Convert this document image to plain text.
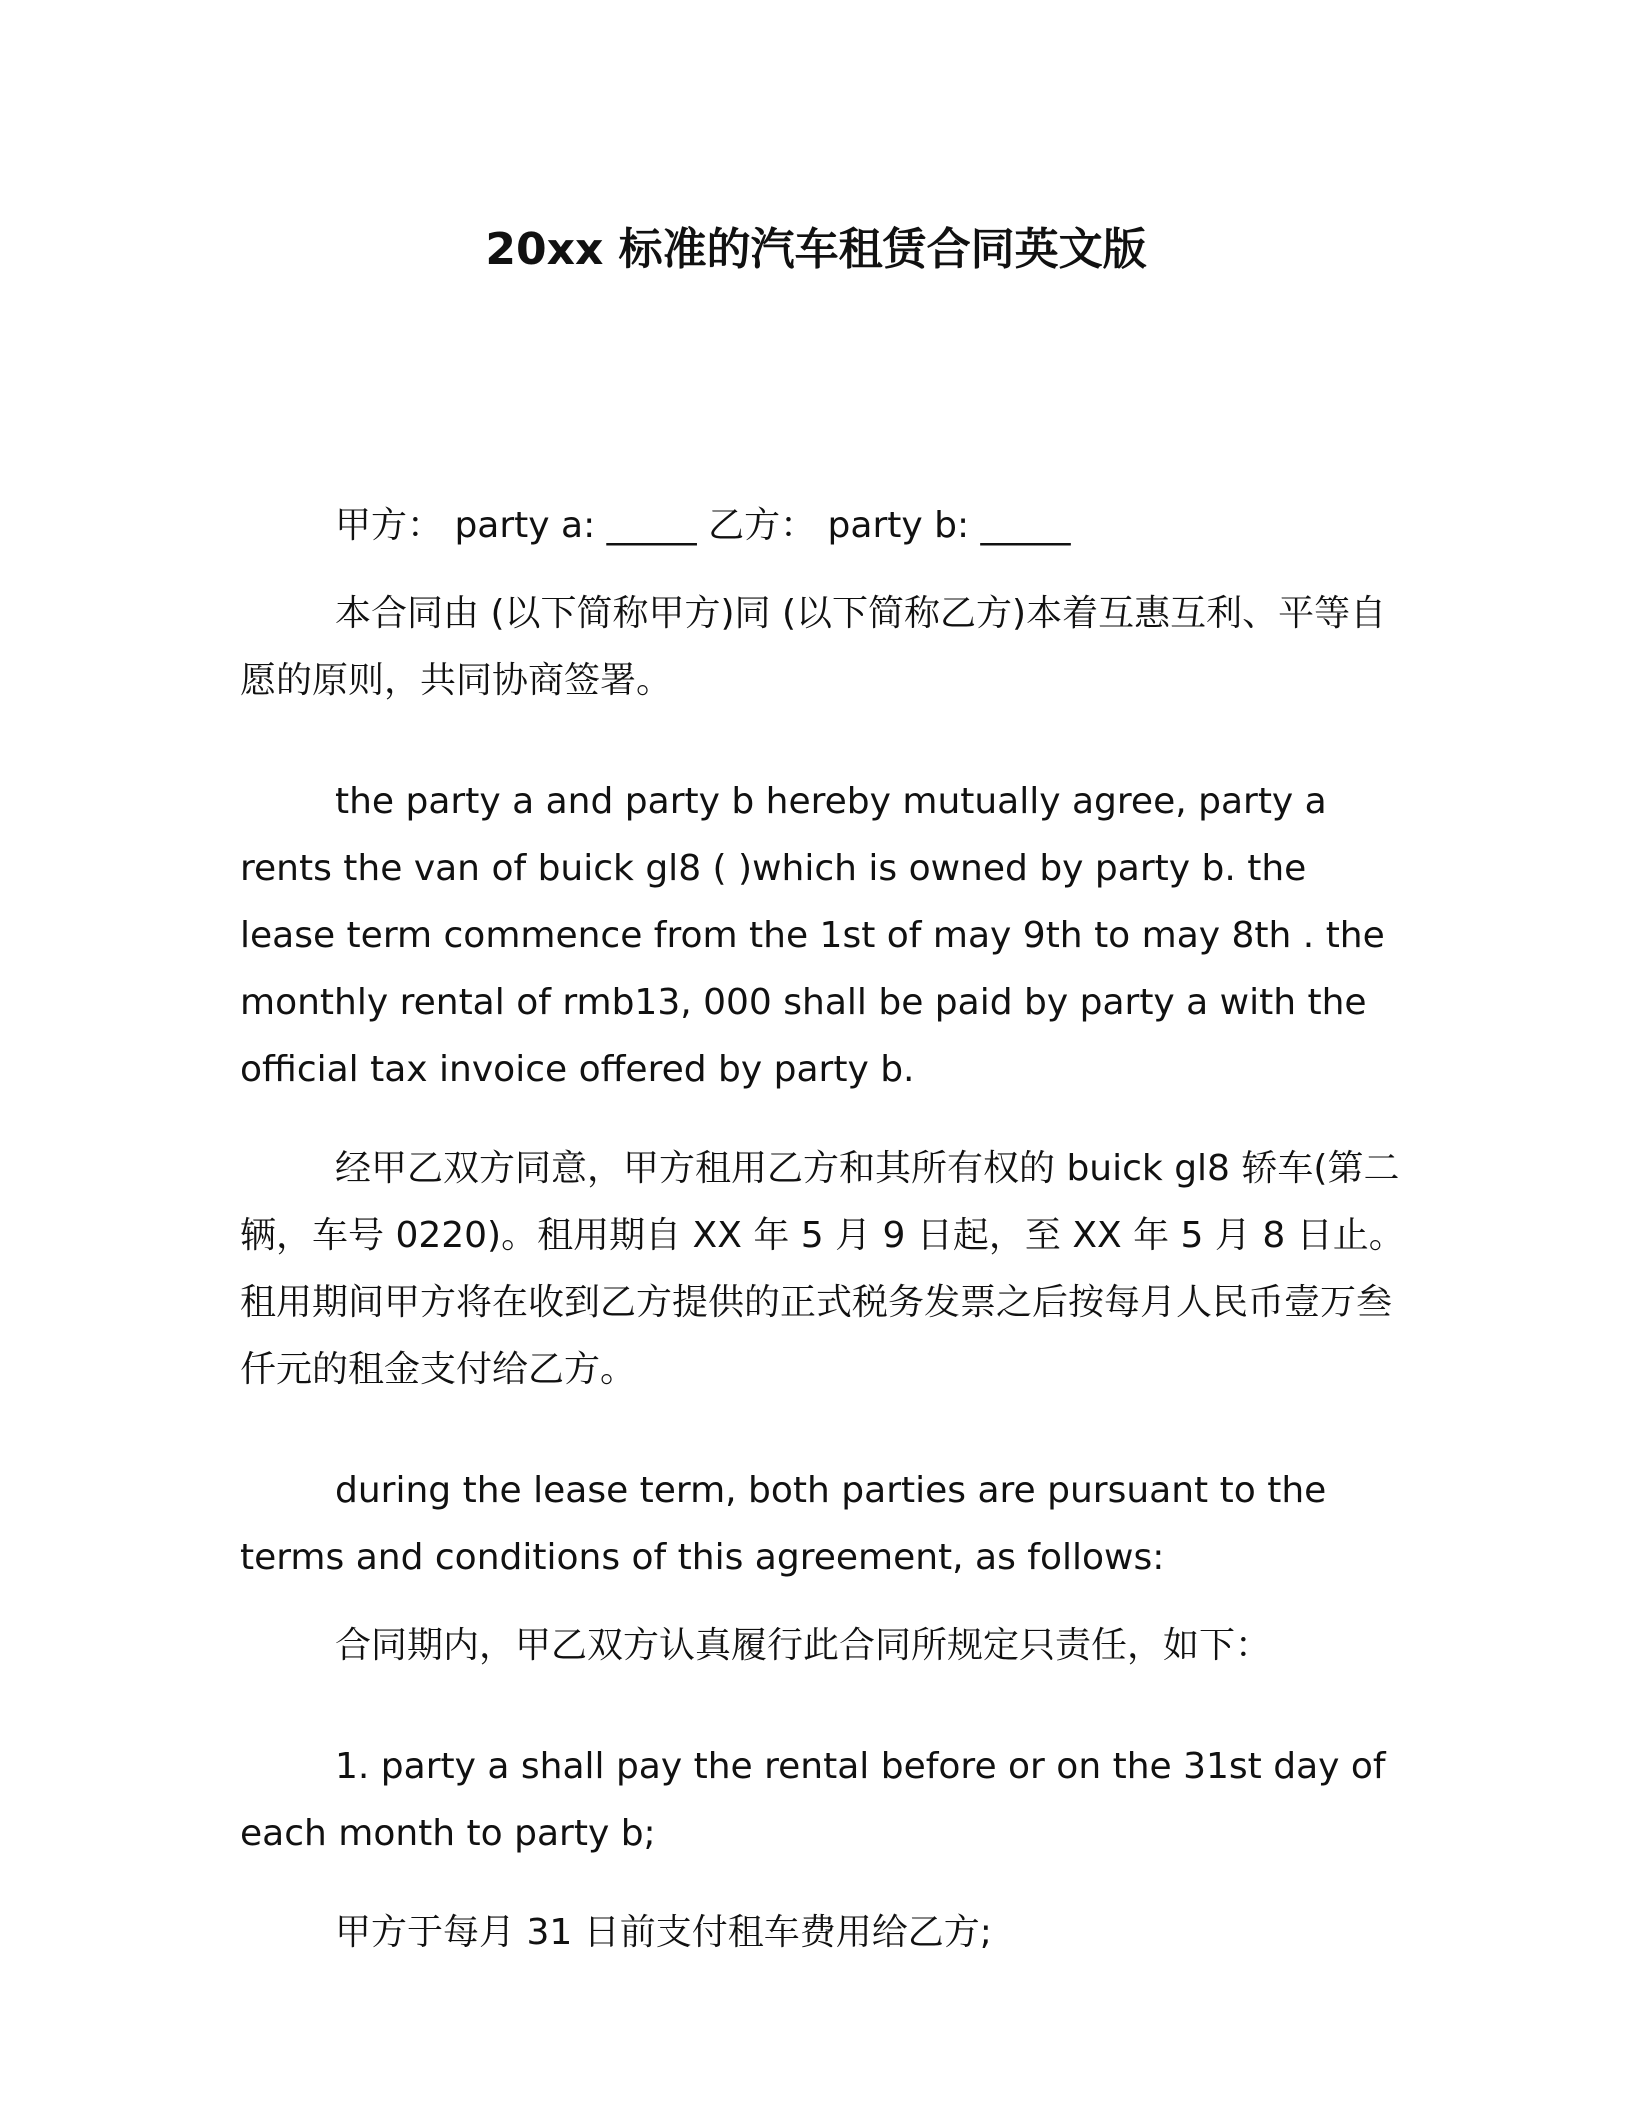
20xx 标准的汽车租赁合同英文版

甲方： party a: _____ 乙方： party b: _____

本合同由 (以下简称甲方)同 (以下简称乙方)本着互惠互利、平等自愿的原则，共同协商签署。

the party a and party b hereby mutually agree, party a rents the van of buick gl8 ( )which is owned by party b. the lease term commence from the 1st of may 9th to may 8th . the monthly rental of rmb13, 000 shall be paid by party a with the official tax invoice offered by party b.

经甲乙双方同意，甲方租用乙方和其所有权的 buick gl8 轿车(第二辆，车号 0220)。租用期自 XX 年 5 月 9 日起，至 XX 年 5 月 8 日止。租用期间甲方将在收到乙方提供的正式税务发票之后按每月人民币壹万叁仟元的租金支付给乙方。

during the lease term, both parties are pursuant to the terms and conditions of this agreement, as follows:

合同期内，甲乙双方认真履行此合同所规定只责任，如下：

1. party a shall pay the rental before or on the 31st day of each month to party b;

甲方于每月 31 日前支付租车费用给乙方;
